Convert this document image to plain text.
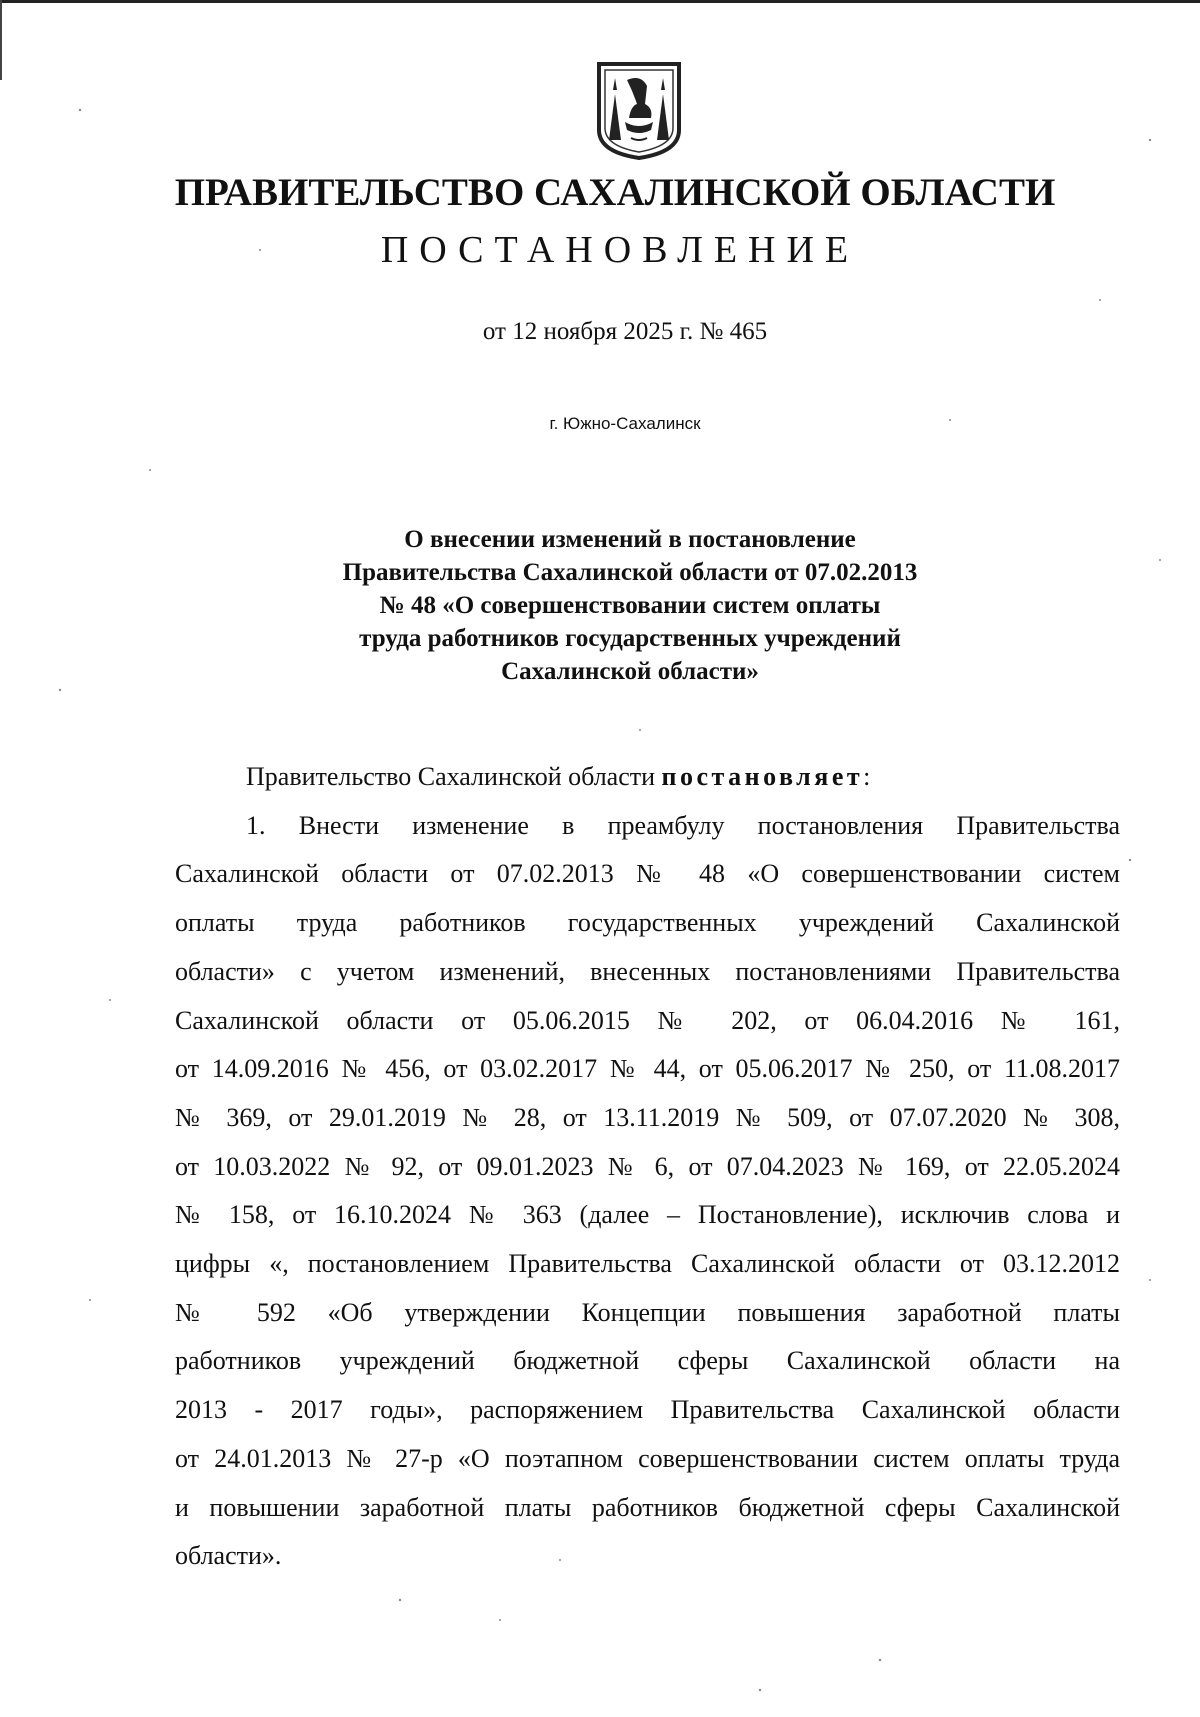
ПРАВИТЕЛЬСТВО САХАЛИНСКОЙ ОБЛАСТИ
ПОСТАНОВЛЕНИЕ
от 12 ноября 2025 г. № 465
г. Южно-Сахалинск
О внесении изменений в постановление
Правительства Сахалинской области от 07.02.2013
№ 48 «О совершенствовании систем оплаты
труда работников государственных учреждений
Сахалинской области»
Правительство Сахалинской области постановляет:
1. Внести изменение в преамбулу постановления Правительства
Сахалинской области от 07.02.2013 № 48 «О совершенствовании систем
оплаты труда работников государственных учреждений Сахалинской
области» с учетом изменений, внесенных постановлениями Правительства
Сахалинской области от 05.06.2015 № 202, от 06.04.2016 № 161,
от 14.09.2016 № 456, от 03.02.2017 № 44, от 05.06.2017 № 250, от 11.08.2017
№ 369, от 29.01.2019 № 28, от 13.11.2019 № 509, от 07.07.2020 № 308,
от 10.03.2022 № 92, от 09.01.2023 № 6, от 07.04.2023 № 169, от 22.05.2024
№ 158, от 16.10.2024 № 363 (далее – Постановление), исключив слова и
цифры «, постановлением Правительства Сахалинской области от 03.12.2012
№ 592 «Об утверждении Концепции повышения заработной платы
работников учреждений бюджетной сферы Сахалинской области на
2013 - 2017 годы», распоряжением Правительства Сахалинской области
от 24.01.2013 № 27-р «О поэтапном совершенствовании систем оплаты труда
и повышении заработной платы работников бюджетной сферы Сахалинской
области».
